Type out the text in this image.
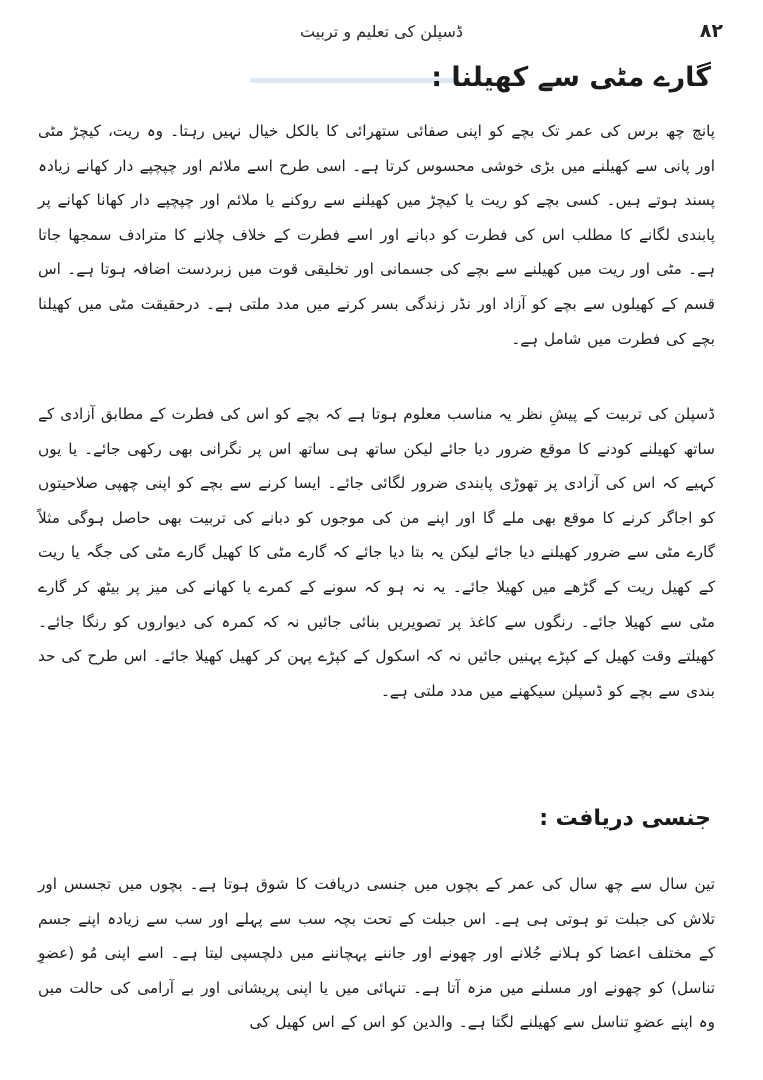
۸۲
ڈسپلن کی تعلیم و تربیت
گارے مٹی سے کھیلنا :

پانچ چھ برس کی عمر تک بچے کو اپنی صفائی ستھرائی کا بالکل خیال نہیں رہتا۔ وہ ریت، کیچڑ مٹی اور پانی سے کھیلنے میں بڑی خوشی محسوس کرتا ہے۔ اسی طرح اسے ملائم اور چپچپے دار کھانے زیادہ پسند ہوتے ہیں۔ کسی بچے کو ریت یا کیچڑ میں کھیلنے سے روکنے یا ملائم اور چپچپے دار کھانا کھانے پر پابندی لگانے کا مطلب اس کی فطرت کو دبانے اور اسے فطرت کے خلاف چلانے کا مترادف سمجھا جاتا ہے۔ مٹی اور ریت میں کھیلنے سے بچے کی جسمانی اور تخلیقی قوت میں زبردست اضافہ ہوتا ہے۔ اس قسم کے کھیلوں سے بچے کو آزاد اور نڈر زندگی بسر کرنے میں مدد ملتی ہے۔ درحقیقت مٹی میں کھیلنا بچے کی فطرت میں شامل ہے۔

ڈسپلن کی تربیت کے پیشِ نظر یہ مناسب معلوم ہوتا ہے کہ بچے کو اس کی فطرت کے مطابق آزادی کے ساتھ کھیلنے کودنے کا موقع ضرور دیا جائے لیکن ساتھ ہی ساتھ اس پر نگرانی بھی رکھی جائے۔ یا یوں کہیے کہ اس کی آزادی پر تھوڑی پابندی ضرور لگائی جائے۔ ایسا کرنے سے بچے کو اپنی چھپی صلاحیتوں کو اجاگر کرنے کا موقع بھی ملے گا اور اپنے من کی موجوں کو دبانے کی تربیت بھی حاصل ہوگی مثلاً گارے مٹی سے ضرور کھیلنے دیا جائے لیکن یہ بتا دیا جائے کہ گارے مٹی کا کھیل گارے مٹی کی جگہ یا ریت کے کھیل ریت کے گڑھے میں کھیلا جائے۔ یہ نہ ہو کہ سونے کے کمرے یا کھانے کی میز پر بیٹھ کر گارے مٹی سے کھیلا جائے۔ رنگوں سے کاغذ پر تصویریں بنائی جائیں نہ کہ کمرہ کی دیواروں کو رنگا جائے۔ کھیلتے وقت کھیل کے کپڑے پہنیں جائیں نہ کہ اسکول کے کپڑے پہن کر کھیل کھیلا جائے۔ اس طرح کی حد بندی سے بچے کو ڈسپلن سیکھنے میں مدد ملتی ہے۔

جنسی دریافت :

تین سال سے چھ سال کی عمر کے بچوں میں جنسی دریافت کا شوق ہوتا ہے۔ بچوں میں تجسس اور تلاش کی جبلت تو ہوتی ہی ہے۔ اس جبلت کے تحت بچہ سب سے پہلے اور سب سے زیادہ اپنے جسم کے مختلف اعضا کو ہلانے جُلانے اور چھونے اور جاننے پہچاننے میں دلچسپی لیتا ہے۔ اسے اپنی مُو (عضوِ تناسل) کو چھونے اور مسلنے میں مزہ آتا ہے۔ تنہائی میں یا اپنی پریشانی اور بے آرامی کی حالت میں وہ اپنے عضوِ تناسل سے کھیلنے لگتا ہے۔ والدین کو اس کے اس کھیل کی
